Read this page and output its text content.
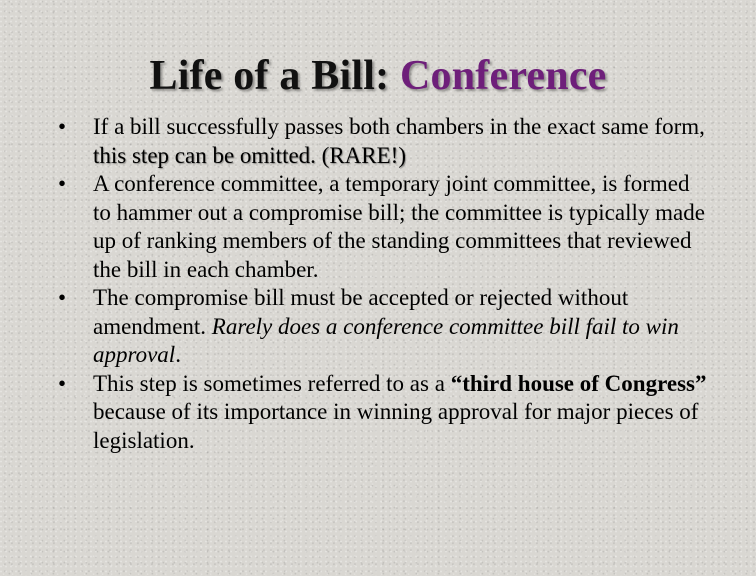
Life of a Bill: Conference
•	If a bill successfully passes both chambers in the exact same form, this step can be omitted. (RARE!)
•	A conference committee, a temporary joint committee, is formed to hammer out a compromise bill; the committee is typically made up of ranking members of the standing committees that reviewed the bill in each chamber.
•	The compromise bill must be accepted or rejected without amendment. Rarely does a conference committee bill fail to win approval.
•	This step is sometimes referred to as a “third house of Congress” because of its importance in winning approval for major pieces of legislation.
